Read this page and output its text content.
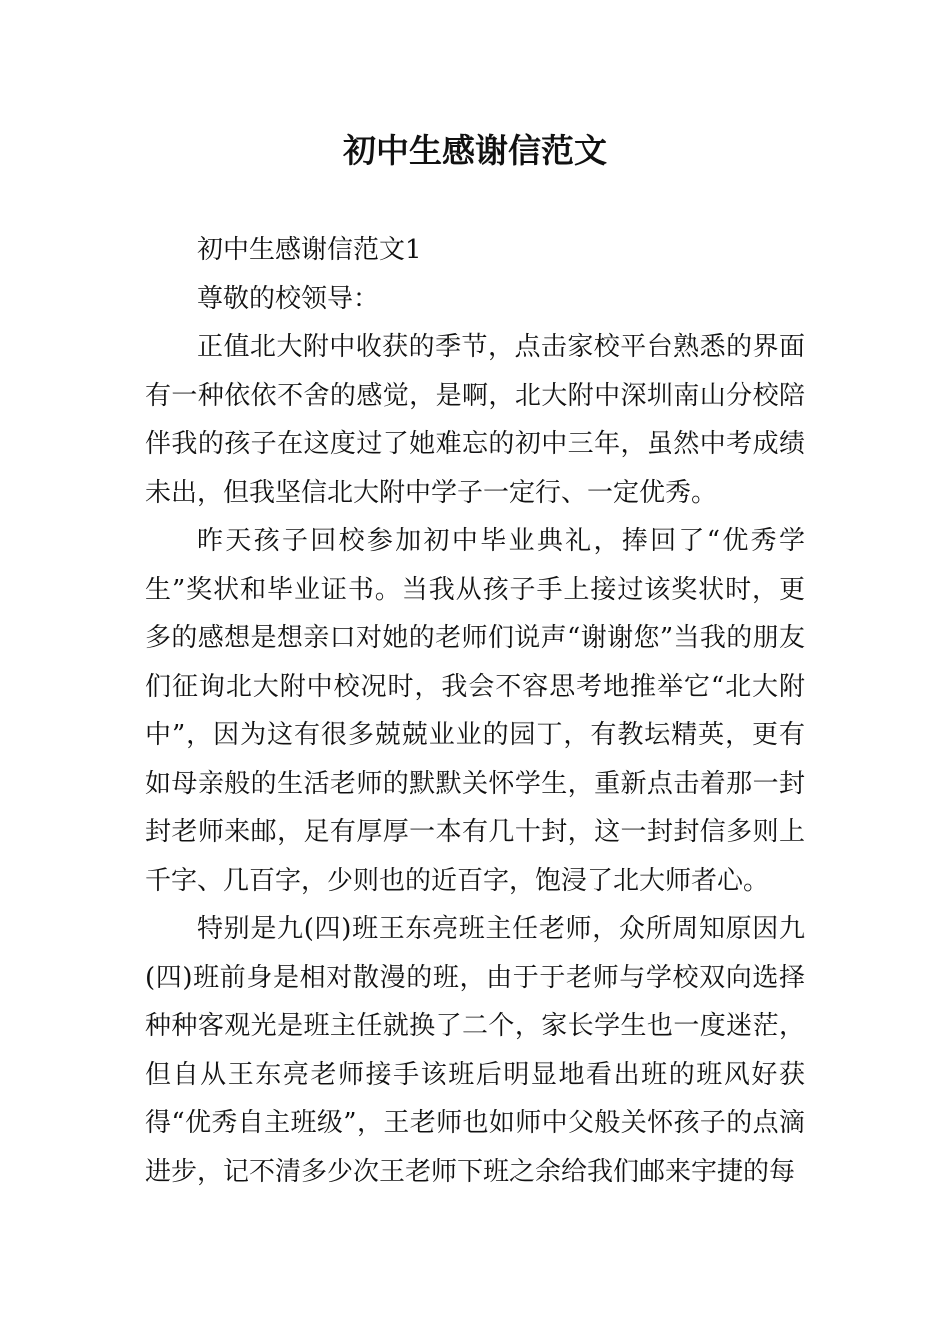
初中生感谢信范文

初中生感谢信范文1

尊敬的校领导：

正值北大附中收获的季节，点击家校平台熟悉的界面有一种依依不舍的感觉，是啊，北大附中深圳南山分校陪伴我的孩子在这度过了她难忘的初中三年，虽然中考成绩未出，但我坚信北大附中学子一定行、一定优秀。

昨天孩子回校参加初中毕业典礼，捧回了“优秀学生”奖状和毕业证书。当我从孩子手上接过该奖状时，更多的感想是想亲口对她的老师们说声“谢谢您”当我的朋友们征询北大附中校况时，我会不容思考地推举它“北大附中”，因为这有很多兢兢业业的园丁，有教坛精英，更有如母亲般的生活老师的默默关怀学生，重新点击着那一封封老师来邮，足有厚厚一本有几十封，这一封封信多则上千字、几百字，少则也的近百字，饱浸了北大师者心。

特别是九(四)班王东亮班主任老师，众所周知原因九(四)班前身是相对散漫的班，由于于老师与学校双向选择种种客观光是班主任就换了二个，家长学生也一度迷茫，但自从王东亮老师接手该班后明显地看出班的班风好获得“优秀自主班级”，王老师也如师中父般关怀孩子的点滴进步，记不清多少次王老师下班之余给我们邮来宇捷的每
